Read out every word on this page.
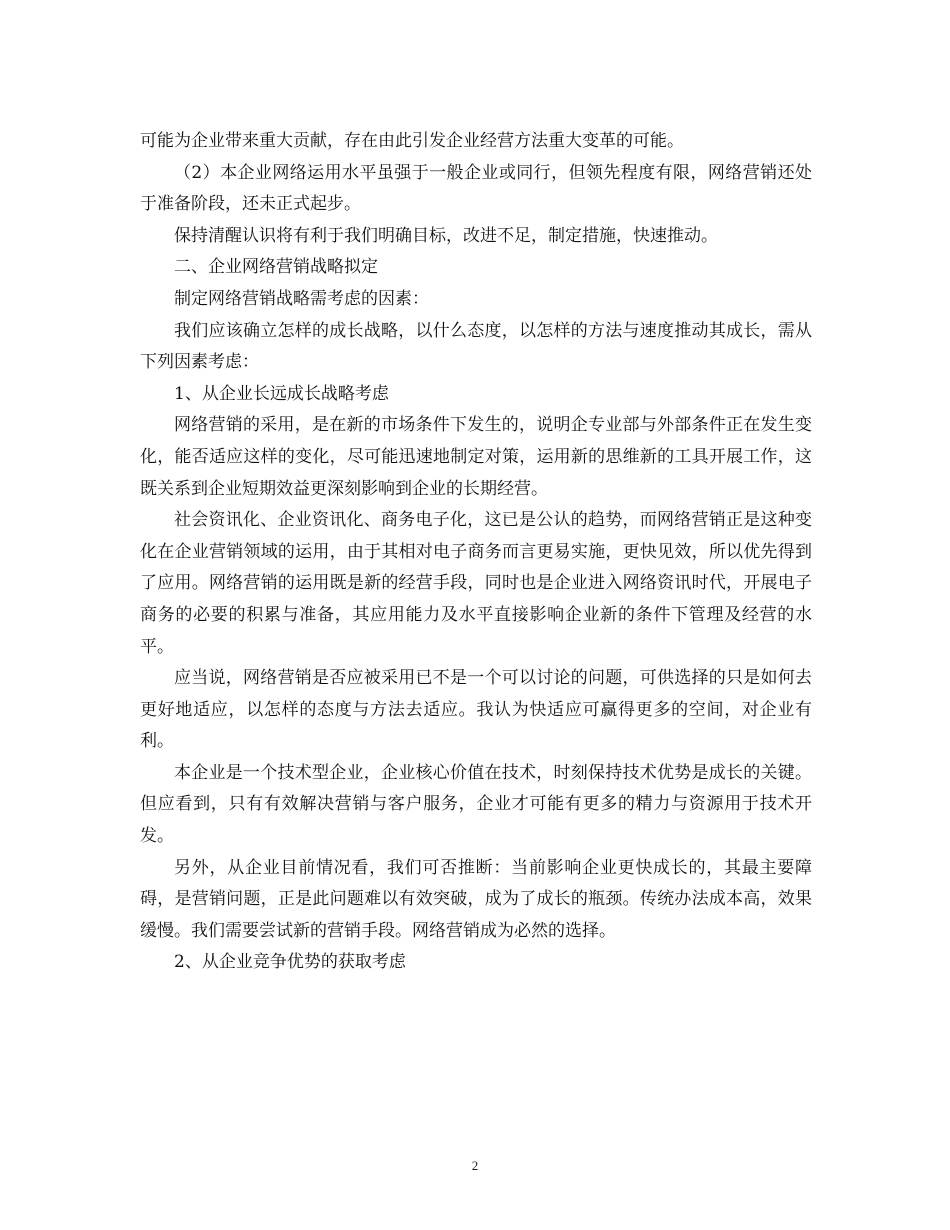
可能为企业带来重大贡献，存在由此引发企业经营方法重大变革的可能。

（2）本企业网络运用水平虽强于一般企业或同行，但领先程度有限，网络营销还处于准备阶段，还未正式起步。

保持清醒认识将有利于我们明确目标，改进不足，制定措施，快速推动。

二、企业网络营销战略拟定

制定网络营销战略需考虑的因素：

我们应该确立怎样的成长战略，以什么态度，以怎样的方法与速度推动其成长，需从下列因素考虑：

1、从企业长远成长战略考虑

网络营销的采用，是在新的市场条件下发生的，说明企专业部与外部条件正在发生变化，能否适应这样的变化，尽可能迅速地制定对策，运用新的思维新的工具开展工作，这既关系到企业短期效益更深刻影响到企业的长期经营。

社会资讯化、企业资讯化、商务电子化，这已是公认的趋势，而网络营销正是这种变化在企业营销领域的运用，由于其相对电子商务而言更易实施，更快见效，所以优先得到了应用。网络营销的运用既是新的经营手段，同时也是企业进入网络资讯时代，开展电子商务的必要的积累与准备，其应用能力及水平直接影响企业新的条件下管理及经营的水平。

应当说，网络营销是否应被采用已不是一个可以讨论的问题，可供选择的只是如何去更好地适应，以怎样的态度与方法去适应。我认为快适应可赢得更多的空间，对企业有利。

本企业是一个技术型企业，企业核心价值在技术，时刻保持技术优势是成长的关键。但应看到，只有有效解决营销与客户服务，企业才可能有更多的精力与资源用于技术开发。

另外，从企业目前情况看，我们可否推断：当前影响企业更快成长的，其最主要障碍，是营销问题，正是此问题难以有效突破，成为了成长的瓶颈。传统办法成本高，效果缓慢。我们需要尝试新的营销手段。网络营销成为必然的选择。

2、从企业竞争优势的获取考虑

2
